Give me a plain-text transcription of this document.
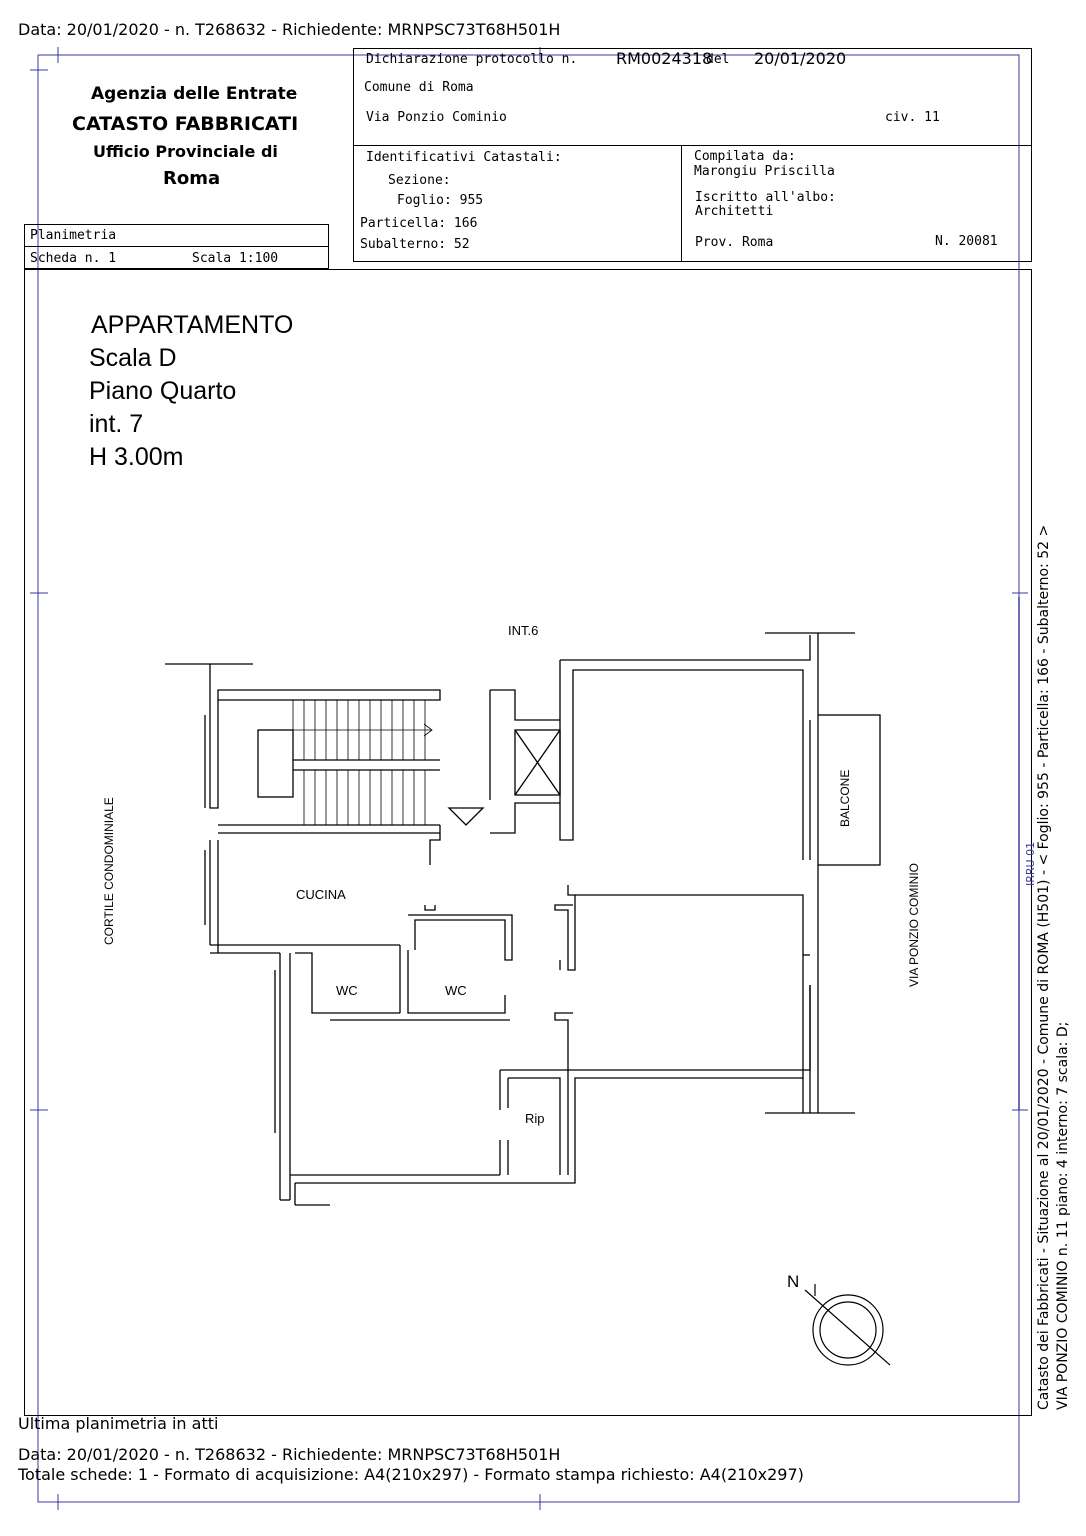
Data: 20/01/2020 - n. T268632 - Richiedente: MRNPSC73T68H501H
Agenzia delle Entrate
CATASTO FABBRICATI
Ufficio Provinciale di
Roma
Dichiarazione protocollo n. RM0024318
del 20/01/2020
Comune di Roma
Via Ponzio Cominio	civ. 11
Identificativi Catastali:
Sezione:
Foglio: 955
Particella: 166
Subalterno: 52
Compilata da:
Marongiu Priscilla
Iscritto all'albo:
Architetti
Prov. Roma	N. 20081
Planimetria
Scheda n. 1	Scala 1:100
APPARTAMENTO
Scala D
Piano Quarto
int. 7
H 3.00m
INT.6
BALCONE
CUCINA
WC	WC
Rip
CORTILE CONDOMINIALE	VIA PONZIO COMINIO
N	Catasto dei Fabbricati - Situazione al 20/01/2020 - Comune di ROMA (H501) - < Foglio: 955 - Particella: 166 - Subalterno: 52 > VIA PONZIO COMINIO n. 11 piano: 4 interno: 7 scala: D;
IRRU 01
Ultima planimetria in atti
Data: 20/01/2020 - n. T268632 - Richiedente: MRNPSC73T68H501H
Totale schede: 1 - Formato di acquisizione: A4(210x297) - Formato stampa richiesto: A4(210x297)
